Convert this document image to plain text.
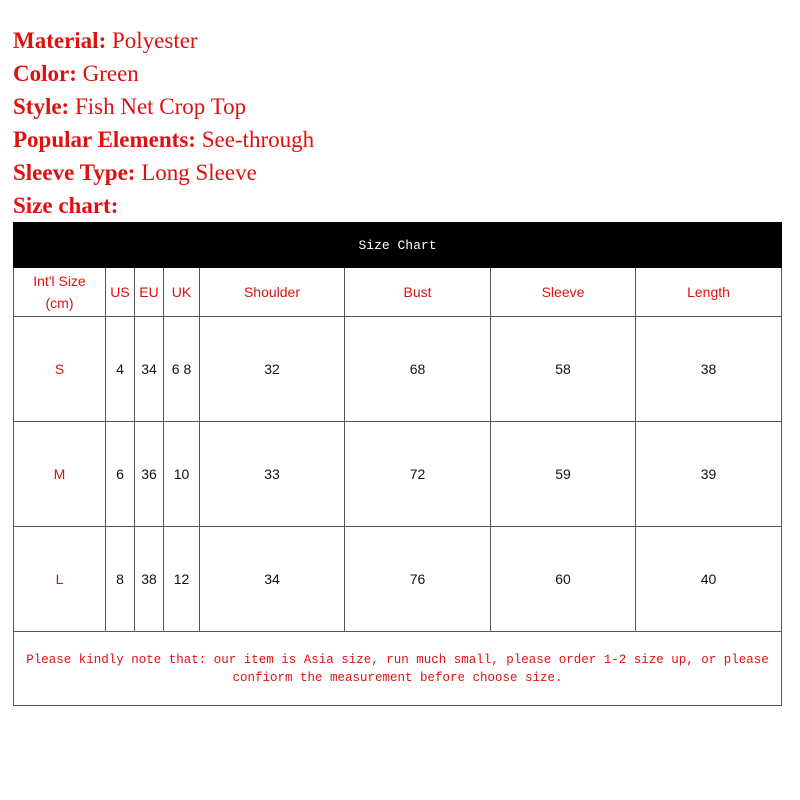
Material: Polyester
Color: Green
Style: Fish Net Crop Top
Popular Elements: See-through
Sleeve Type: Long Sleeve
Size chart:
Size Chart							

Int'l Size
(cm)	US	EU	UK	Shoulder	Bust	Sleeve	Length
S	4	34	6 8	32	68	58	38
M	6	36	10	33	72	59	39
L	8	38	12	34	76	60	40

Please kindly note that: our item is Asia size, run much small, please order 1-2 size up, or please
confiorm the measurement before choose size.							
